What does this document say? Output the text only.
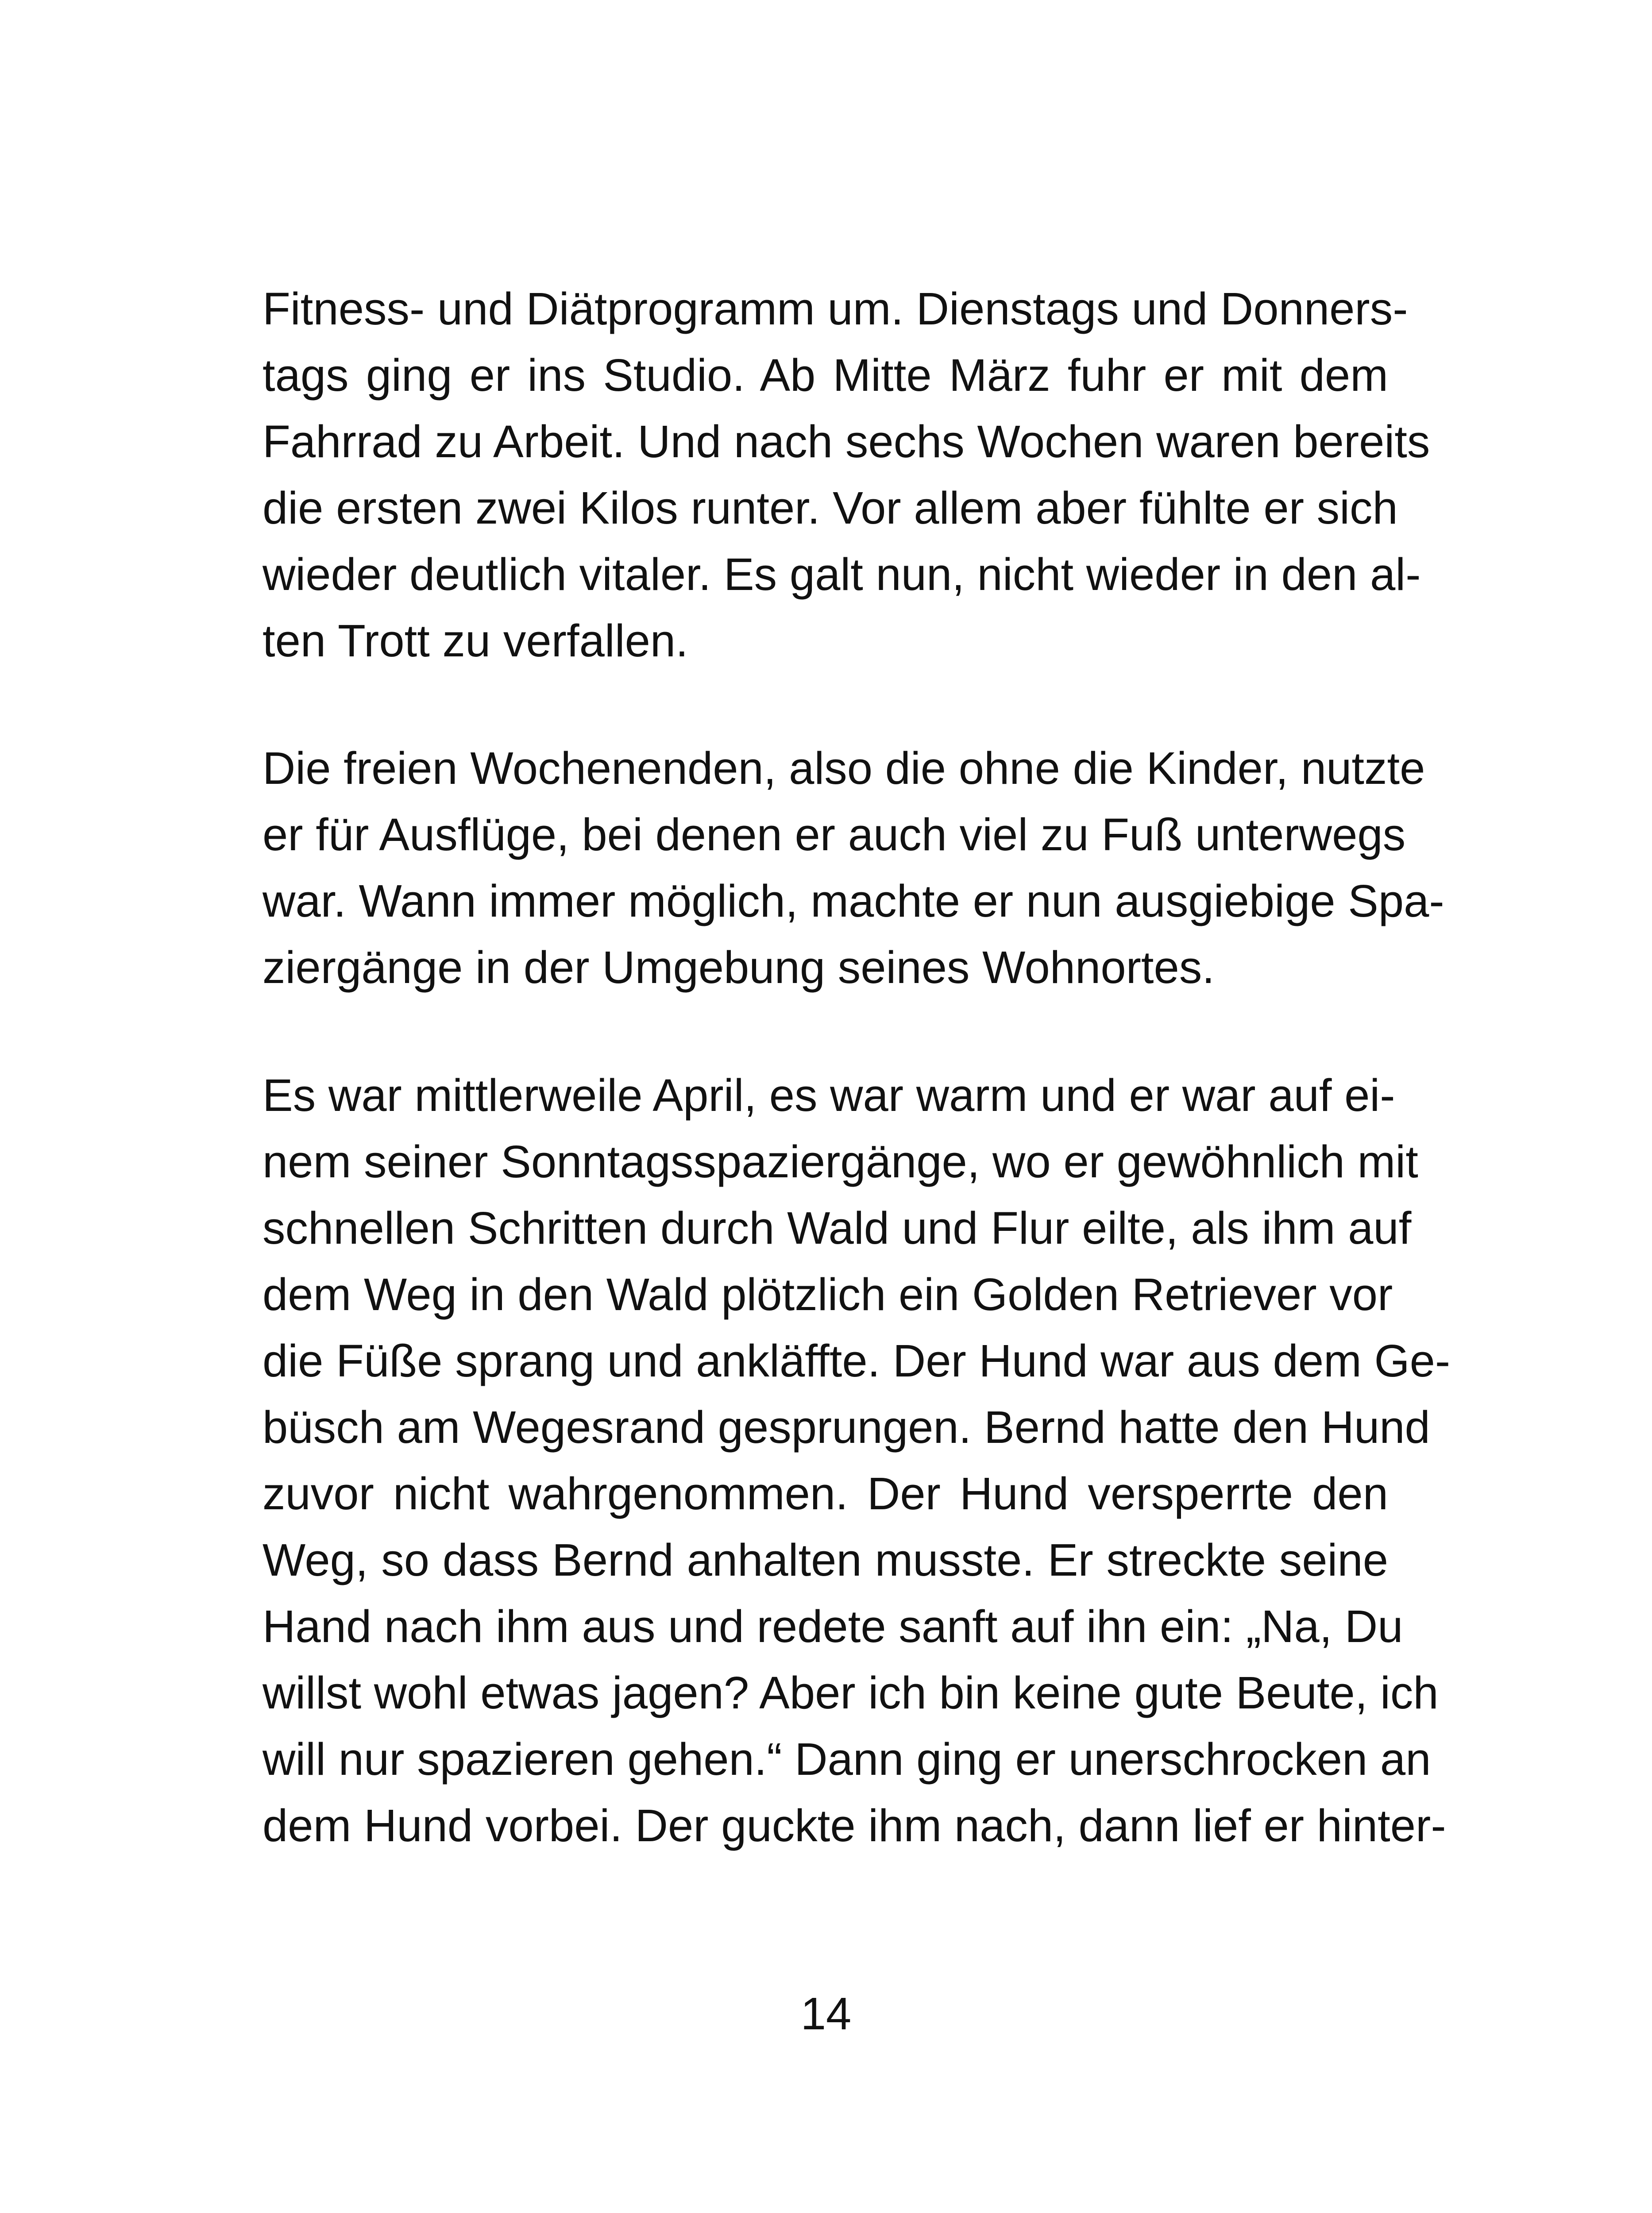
Fitness- und Diätprogramm um. Dienstags und Donners-
tags ging er ins Studio. Ab Mitte März fuhr er mit dem
Fahrrad zu Arbeit. Und nach sechs Wochen waren bereits
die ersten zwei Kilos runter. Vor allem aber fühlte er sich
wieder deutlich vitaler. Es galt nun, nicht wieder in den al-
ten Trott zu verfallen.
Die freien Wochenenden, also die ohne die Kinder, nutzte
er für Ausflüge, bei denen er auch viel zu Fuß unterwegs
war. Wann immer möglich, machte er nun ausgiebige Spa-
ziergänge in der Umgebung seines Wohnortes.
Es war mittlerweile April, es war warm und er war auf ei-
nem seiner Sonntagsspaziergänge, wo er gewöhnlich mit
schnellen Schritten durch Wald und Flur eilte, als ihm auf
dem Weg in den Wald plötzlich ein Golden Retriever vor
die Füße sprang und ankläffte. Der Hund war aus dem Ge-
büsch am Wegesrand gesprungen. Bernd hatte den Hund
zuvor nicht wahrgenommen. Der Hund versperrte den
Weg, so dass Bernd anhalten musste. Er streckte seine
Hand nach ihm aus und redete sanft auf ihn ein: „Na, Du
willst wohl etwas jagen? Aber ich bin keine gute Beute, ich
will nur spazieren gehen.“ Dann ging er unerschrocken an
dem Hund vorbei. Der guckte ihm nach, dann lief er hinter-
14
